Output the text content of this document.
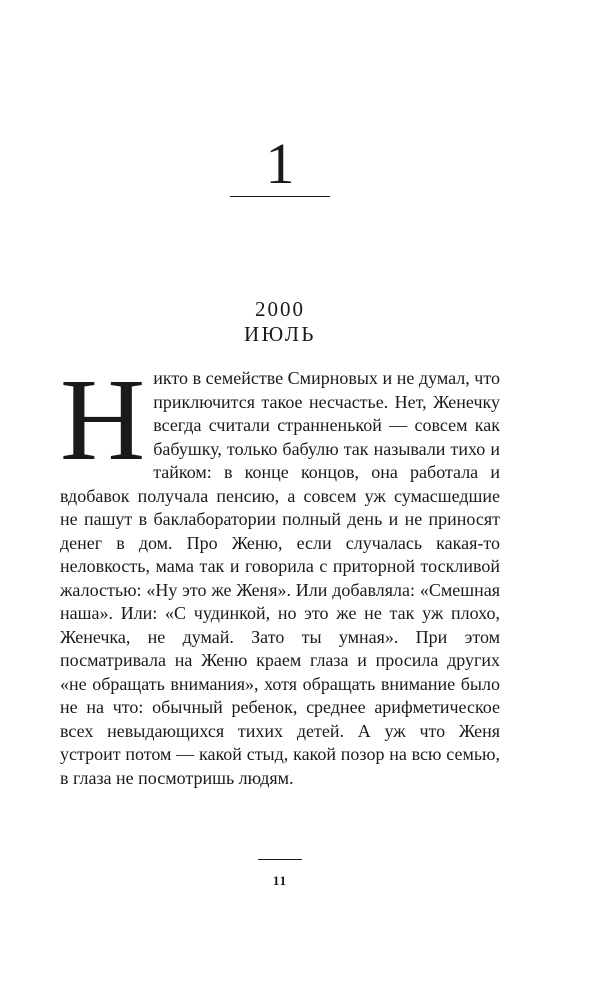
1
2000
ИЮЛЬ

Никто в семействе Смирновых и не думал, что приключится такое несчастье. Нет, Женечку всегда считали странненькой — совсем как бабушку, только бабулю так называли тихо и тайком: в конце концов, она работала и вдобавок получала пенсию, а совсем уж сумасшедшие не пашут в баклаборатории полный день и не приносят денег в дом. Про Женю, если случалась какая-то неловкость, мама так и говорила с приторной тоскливой жалостью: «Ну это же Женя». Или добавляла: «Смешная наша». Или: «С чудинкой, но это же не так уж плохо, Женечка, не думай. Зато ты умная». При этом посматривала на Женю краем глаза и просила других «не обращать внимания», хотя обращать внимание было не на что: обычный ребенок, среднее арифметическое всех невыдающихся тихих детей. А уж что Женя устроит потом — какой стыд, какой позор на всю семью, в глаза не посмотришь людям.

11
